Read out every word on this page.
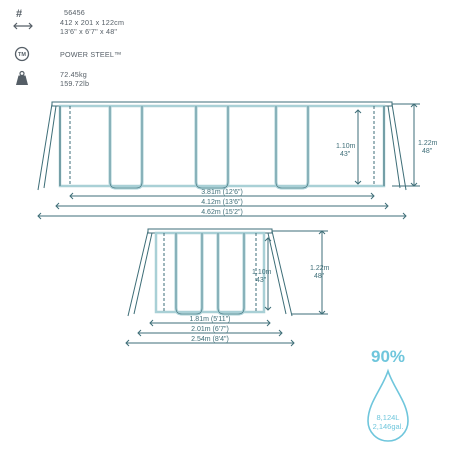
#	56456
412 x 201 x 122cm
13'6" x 6'7" x 48"
TM	POWER STEEL™
72.45kg
159.72lb
1.10m
43"
1.22m
48"
3.81m (12'6")
4.12m (13'6")
4.62m (15'2")
1.10m
43"
1.22m
48"
1.81m (5'11")
2.01m (6'7")
2.54m (8'4")
90%
8,124L
2,146gal.
